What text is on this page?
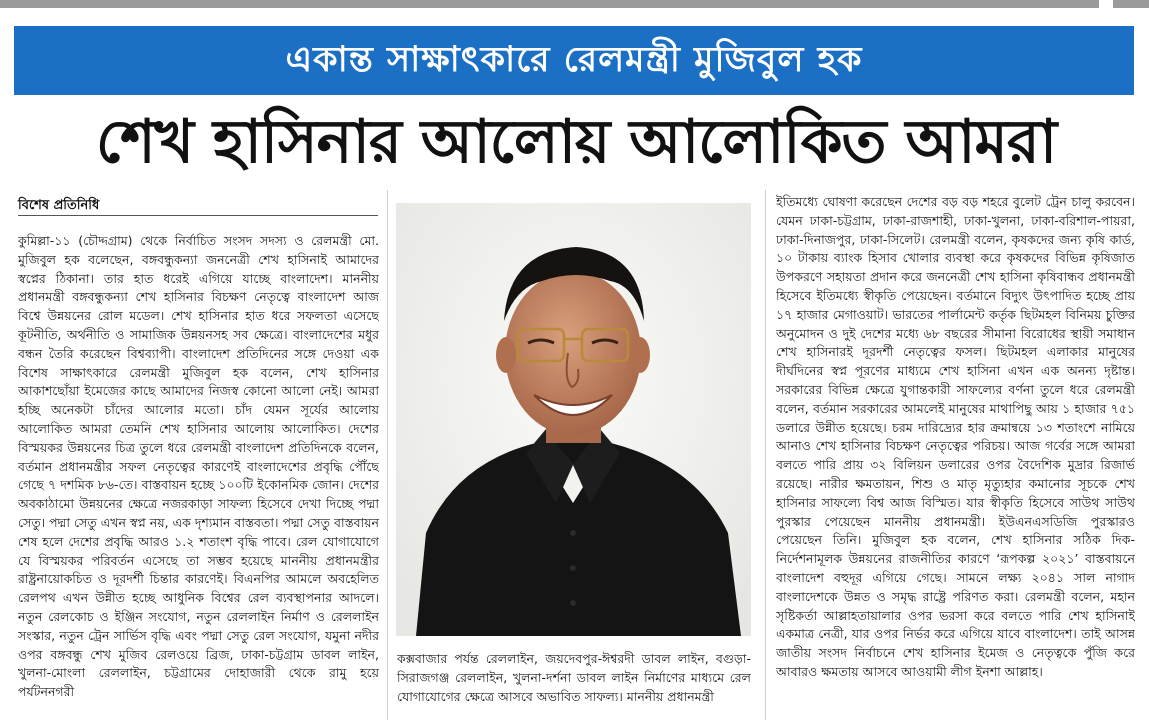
একান্ত সাক্ষাৎকারে রেলমন্ত্রী মুজিবুল হক
শেখ হাসিনার আলোয় আলোকিত আমরা
বিশেষ প্রতিনিধি

কুমিল্লা-১১ (চৌদ্দগ্রাম) থেকে নির্বাচিত সংসদ সদস্য ও রেলমন্ত্রী মো. মুজিবুল হক বলেছেন, বঙ্গবন্ধুকন্যা জননেত্রী শেখ হাসিনাই আমাদের স্বপ্নের ঠিকানা। তার হাত ধরেই এগিয়ে যাচ্ছে বাংলাদেশ। মাননীয় প্রধানমন্ত্রী বঙ্গবন্ধুকন্যা শেখ হাসিনার বিচক্ষণ নেতৃত্বে বাংলাদেশ আজ বিশ্বে উন্নয়নের রোল মডেল। শেখ হাসিনার হাত ধরে সফলতা এসেছে কূটনীতি, অর্থনীতি ও সামাজিক উন্নয়নসহ সব ক্ষেত্রে। বাংলাদেশের মধুর বন্ধন তৈরি করেছেন বিশ্বব্যাপী। বাংলাদেশ প্রতিদিনের সঙ্গে দেওয়া এক বিশেষ সাক্ষাৎকারে রেলমন্ত্রী মুজিবুল হক বলেন, শেখ হাসিনার আকাশছোঁয়া ইমেজের কাছে আমাদের নিজস্ব কোনো আলো নেই। আমরা হচ্ছি অনেকটা চাঁদের আলোর মতো। চাঁদ যেমন সূর্যের আলোয় আলোকিত আমরা তেমনি শেখ হাসিনার আলোয় আলোকিত। দেশের বিস্ময়কর উন্নয়নের চিত্র তুলে ধরে রেলমন্ত্রী বাংলাদেশ প্রতিদিনকে বলেন, বর্তমান প্রধানমন্ত্রীর সফল নেতৃত্বের কারণেই বাংলাদেশের প্রবৃদ্ধি পৌঁছে গেছে ৭ দশমিক ৮৬-তে। বাস্তবায়ন হচ্ছে ১০০টি ইকোনমিক জোন। দেশের অবকাঠামো উন্নয়নের ক্ষেত্রে নজরকাড়া সাফল্য হিসেবে দেখা দিচ্ছে পদ্মা সেতু। পদ্মা সেতু এখন স্বপ্ন নয়, এক দৃশ্যমান বাস্তবতা। পদ্মা সেতু বাস্তবায়ন শেষ হলে দেশের প্রবৃদ্ধি আরও ১.২ শতাংশ বৃদ্ধি পাবে। রেল যোগাযোগে যে বিস্ময়কর পরিবর্তন এসেছে তা সম্ভব হয়েছে মাননীয় প্রধানমন্ত্রীর রাষ্ট্রনায়োকচিত ও দূরদর্শী চিন্তার কারণেই। বিএনপির আমলে অবহেলিত রেলপথ এখন উন্নীত হচ্ছে আধুনিক বিশ্বের রেল ব্যবস্থাপনার আদলে। নতুন রেলকোচ ও ইঞ্জিন সংযোগ, নতুন রেললাইন নির্মাণ ও রেললাইন সংস্কার, নতুন ট্রেন সার্ভিস বৃদ্ধি এবং পদ্মা সেতু রেল সংযোগ, যমুনা নদীর ওপর বঙ্গবন্ধু শেখ মুজিব রেলওয়ে ব্রিজ, ঢাকা-চট্টগ্রাম ডাবল লাইন, খুলনা-মোংলা রেললাইন, চট্টগ্রামের দোহাজারী থেকে রামু হয়ে পর্যটননগরী

কক্সবাজার পর্যন্ত রেললাইন, জয়দেবপুর-ঈশ্বরদী ডাবল লাইন, বগুড়া-সিরাজগঞ্জ রেললাইন, খুলনা-দর্শনা ডাবল লাইন নির্মাণের মাধ্যমে রেল যোগাযোগের ক্ষেত্রে আসবে অভাবিত সাফল্য। মাননীয় প্রধানমন্ত্রী

ইতিমধ্যে ঘোষণা করেছেন দেশের বড় বড় শহরে বুলেট ট্রেন চালু করবেন। যেমন ঢাকা-চট্টগ্রাম, ঢাকা-রাজশাহী, ঢাকা-খুলনা, ঢাকা-বরিশাল-পায়রা, ঢাকা-দিনাজপুর, ঢাকা-সিলেট। রেলমন্ত্রী বলেন, কৃষকদের জন্য কৃষি কার্ড, ১০ টাকায় ব্যাংক হিসাব খোলার ব্যবস্থা করে কৃষকদের বিভিন্ন কৃষিজাত উপকরণে সহায়তা প্রদান করে জননেত্রী শেখ হাসিনা কৃষিবান্ধব প্রধানমন্ত্রী হিসেবে ইতিমধ্যে স্বীকৃতি পেয়েছেন। বর্তমানে বিদ্যুৎ উৎপাদিত হচ্ছে প্রায় ১৭ হাজার মেগাওয়াট। ভারতের পার্লামেন্ট কর্তৃক ছিটমহল বিনিময় চুক্তির অনুমোদন ও দুই দেশের মধ্যে ৬৮ বছরের সীমানা বিরোধের স্থায়ী সমাধান শেখ হাসিনারই দূরদর্শী নেতৃত্বের ফসল। ছিটমহল এলাকার মানুষের দীর্ঘদিনের স্বপ্ন পূরণের মাধ্যমে শেখ হাসিনা এখন এক অনন্য দৃষ্টান্ত। সরকারের বিভিন্ন ক্ষেত্রে যুগান্তকারী সাফল্যের বর্ণনা তুলে ধরে রেলমন্ত্রী বলেন, বর্তমান সরকারের আমলেই মানুষের মাথাপিছু আয় ১ হাজার ৭৫১ ডলারে উন্নীত হয়েছে। চরম দারিদ্র্যের হার ক্রমান্বয়ে ১৩ শতাংশে নামিয়ে আনাও শেখ হাসিনার বিচক্ষণ নেতৃত্বের পরিচয়। আজ গর্বের সঙ্গে আমরা বলতে পারি প্রায় ৩২ বিলিয়ন ডলারের ওপর বৈদেশিক মুদ্রার রিজার্ভ রয়েছে। নারীর ক্ষমতায়ন, শিশু ও মাতৃ মৃত্যুহার কমানোর সূচকে শেখ হাসিনার সাফল্যে বিশ্ব আজ বিস্মিত। যার স্বীকৃতি হিসেবে সাউথ সাউথ পুরস্কার পেয়েছেন মাননীয় প্রধানমন্ত্রী। ইউএনএসডিজি পুরস্কারও পেয়েছেন তিনি। মুজিবুল হক বলেন, শেখ হাসিনার সঠিক দিক-নির্দেশনামূলক উন্নয়নের রাজনীতির কারণে ‘রূপকল্প ২০২১’ বাস্তবায়নে বাংলাদেশ বহুদূর এগিয়ে গেছে। সামনে লক্ষ্য ২০৪১ সাল নাগাদ বাংলাদেশকে উন্নত ও সমৃদ্ধ রাষ্ট্রে পরিণত করা। রেলমন্ত্রী বলেন, মহান সৃষ্টিকর্তা আল্লাহতায়ালার ওপর ভরসা করে বলতে পারি শেখ হাসিনাই একমাত্র নেত্রী, যার ওপর নির্ভর করে এগিয়ে যাবে বাংলাদেশ। তাই আসন্ন জাতীয় সংসদ নির্বাচনে শেখ হাসিনার ইমেজ ও নেতৃত্বকে পুঁজি করে আবারও ক্ষমতায় আসবে আওয়ামী লীগ ইনশা আল্লাহ।
